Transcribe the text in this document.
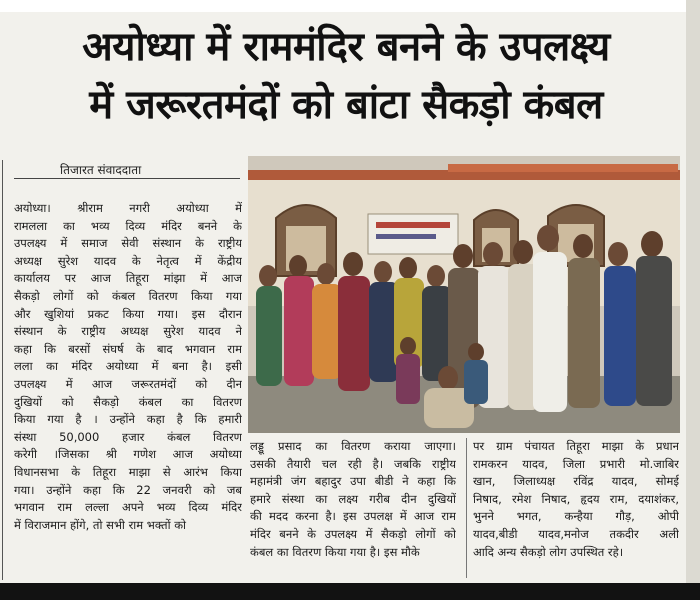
अयोध्या में राममंदिर बनने के उपलक्ष्य
में जरूरतमंदों को बांटा सैकड़ो कंबल
तिजारत संवाददाता
अयोध्या। श्रीराम नगरी अयोध्या में
रामलला का भव्य दिव्य मंदिर बनने के
उपलक्ष्य में समाज सेवी संस्थान के राष्ट्रीय
अध्यक्ष सुरेश यादव के नेतृत्व में केंद्रीय
कार्यालय पर आज तिहूरा मांझा में आज
सैकड़ो लोगों को कंबल वितरण किया गया
और खुशियां प्रकट किया गया। इस दौरान
संस्थान के राष्ट्रीय अध्यक्ष सुरेश यादव ने
कहा कि बरसों संघर्ष के बाद भगवान राम
लला का मंदिर अयोध्या में बना है। इसी
उपलक्ष्य में आज जरूरतमंदों को दीन
दुखियों को सैकड़ो कंबल का वितरण
किया गया है । उन्होंने कहा है कि हमारी
संस्था 50,000 हजार कंबल वितरण
करेगी ।जिसका श्री गणेश आज अयोध्या
विधानसभा के तिहूरा माझा से आरंभ किया
गया। उन्होंने कहा कि 22 जनवरी को जब
भगवान राम लल्ला अपने भव्य दिव्य मंदिर
में विराजमान होंगे, तो सभी राम भक्तों को
लड्डू प्रसाद का वितरण कराया जाएगा।
उसकी तैयारी चल रही है। जबकि राष्ट्रीय
महामंत्री जंग बहादुर उपा बीडी ने कहा कि
हमारे संस्था का लक्ष्य गरीब दीन दुखियों
की मदद करना है। इस उपलक्ष में आज राम
मंदिर बनने के उपलक्ष्य में सैकड़ो लोगों को
कंबल का वितरण किया गया है। इस मौके
पर ग्राम पंचायत तिहूरा माझा के प्रधान
रामकरन यादव, जिला प्रभारी मो.जाबिर
खान, जिलाध्यक्ष रविंद्र यादव, सोमई
निषाद, रमेश निषाद, हृदय राम, दयाशंकर,
भुनने भगत, कन्हैया गौड़, ओपी
यादव,बीडी यादव,मनोज तकदीर अली
आदि अन्य सैकड़ो लोग उपस्थित रहे।
